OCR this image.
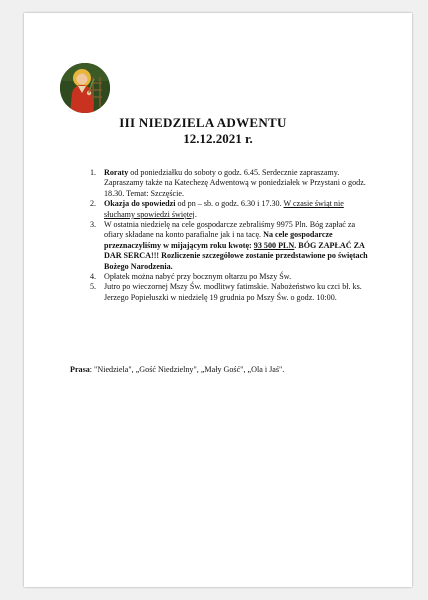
III NIEDZIELA ADWENTU
12.12.2021 r.
1. Roraty od poniedziałku do soboty o godz. 6.45. Serdecznie zapraszamy. Zapraszamy także na Katechezę Adwentową w poniedziałek w Przystani o godz. 18.30. Temat: Szczęście.
2. Okazja do spowiedzi od pn – sb. o godz. 6.30 i 17.30. W czasie świąt nie słuchamy spowiedzi świętej.
3. W ostatnia niedzielę na cele gospodarcze zebraliśmy 9975 Pln. Bóg zapłać za ofiary składane na konto parafialne jak i na tacę. Na cele gospodarcze przeznaczyliśmy w mijającym roku kwotę: 93 500 PLN. BÓG ZAPŁAĆ ZA DAR SERCA!!! Rozliczenie szczegółowe zostanie przedstawione po świętach Bożego Narodzenia.
4. Opłatek można nabyć przy bocznym ołtarzu po Mszy Św.
5. Jutro po wieczornej Mszy Św. modlitwy fatimskie. Nabożeństwo ku czci bł. ks. Jerzego Popiełuszki w niedzielę 19 grudnia po Mszy Św. o godz. 10:00.
Prasa: "Niedziela", „Gość Niedzielny", „Mały Gość", „Ola i Jaś".
